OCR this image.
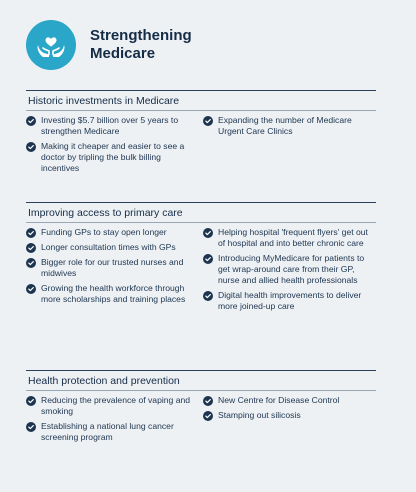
Strengthening
Medicare
Historic investments in Medicare
Investing $5.7 billion over 5 years to strengthen Medicare
Making it cheaper and easier to see a doctor by tripling the bulk billing incentives
Expanding the number of Medicare Urgent Care Clinics
Improving access to primary care
Funding GPs to stay open longer
Longer consultation times with GPs
Bigger role for our trusted nurses and midwives
Growing the health workforce through more scholarships and training places
Helping hospital 'frequent flyers' get out of hospital and into better chronic care
Introducing MyMedicare for patients to get wrap-around care from their GP, nurse and allied health professionals
Digital health improvements to deliver more joined-up care
Health protection and prevention
Reducing the prevalence of vaping and smoking
Establishing a national lung cancer screening program
New Centre for Disease Control
Stamping out silicosis
